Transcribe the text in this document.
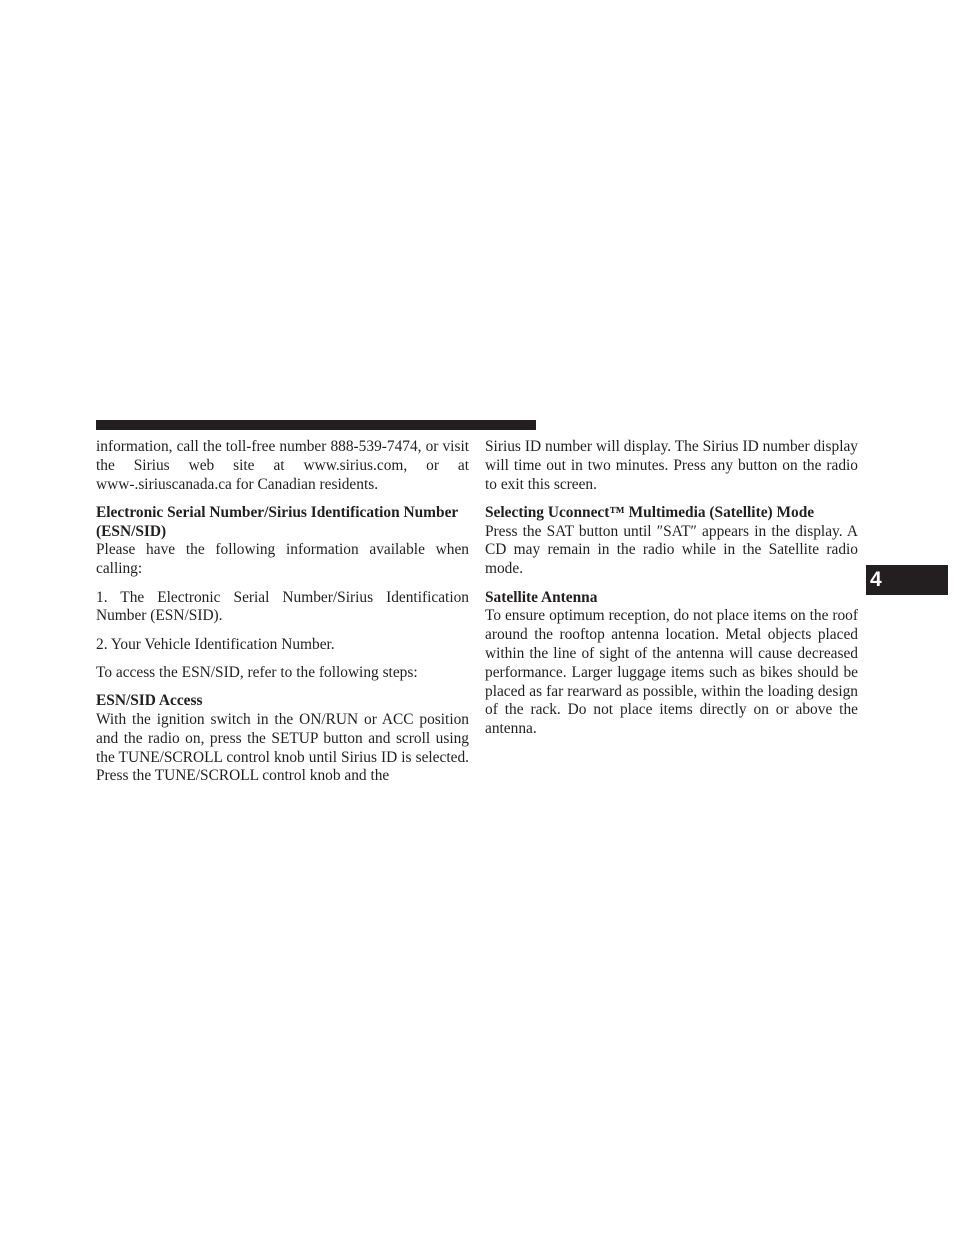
information, call the toll-free number 888-539-7474, or visit the Sirius web site at www.sirius.com, or at www-.siriuscanada.ca for Canadian residents.

Electronic Serial Number/Sirius Identification Number (ESN/SID)

Please have the following information available when calling:

1. The Electronic Serial Number/Sirius Identification Number (ESN/SID).

2. Your Vehicle Identification Number.

To access the ESN/SID, refer to the following steps:

ESN/SID Access

With the ignition switch in the ON/RUN or ACC position and the radio on, press the SETUP button and scroll using the TUNE/SCROLL control knob until Sirius ID is selected. Press the TUNE/SCROLL control knob and the

Sirius ID number will display. The Sirius ID number display will time out in two minutes. Press any button on the radio to exit this screen.

Selecting Uconnect™ Multimedia (Satellite) Mode

Press the SAT button until ″SAT″ appears in the display. A CD may remain in the radio while in the Satellite radio mode.

Satellite Antenna

To ensure optimum reception, do not place items on the roof around the rooftop antenna location. Metal objects placed within the line of sight of the antenna will cause decreased performance. Larger luggage items such as bikes should be placed as far rearward as possible, within the loading design of the rack. Do not place items directly on or above the antenna.

4
